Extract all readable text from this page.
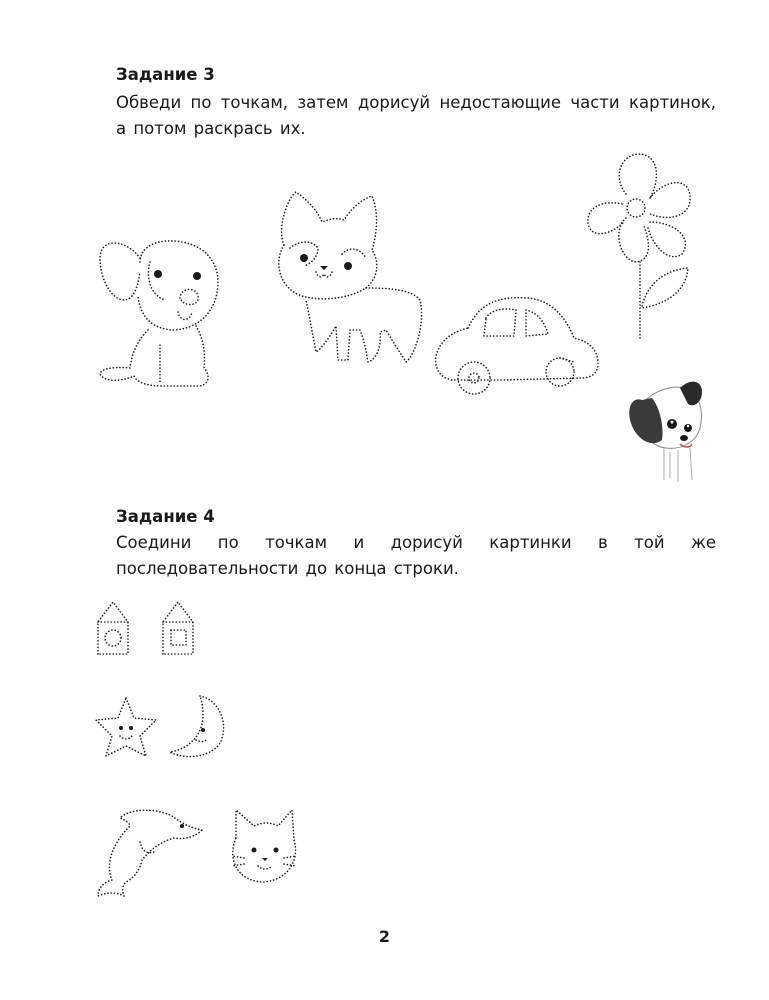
Задание 3
Обведи по точкам, затем дорисуй недостающие части картинок, а потом раскрась их.
Задание 4
Соедини по точкам и дорисуй картинки в той же последовательности до конца строки.
2
